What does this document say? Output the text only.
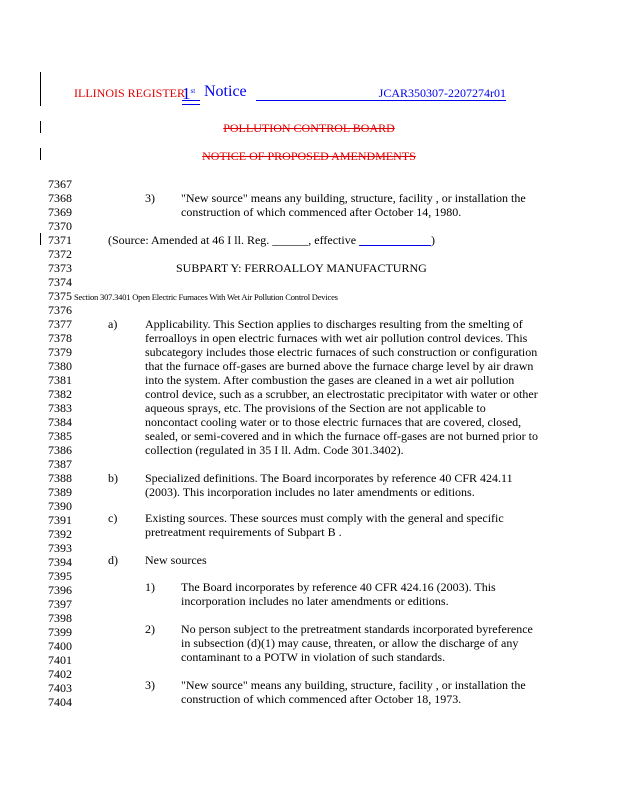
ILLINOIS REGISTER
1st Notice	JCAR350307-2207274r01
POLLUTION CONTROL BOARD
NOTICE OF PROPOSED AMENDMENTS
7367
7368
7369
7370
7371
7372
7373
7374
7375
7376
7377
7378
7379
7380
7381
7382
7383
7384
7385
7386
7387
7388
7389
7390
7391
7392
7393
7394
7395
7396
7397
7398
7399
7400
7401
7402
7403
7404
3) "New source" means any building, structure, facility , or installation the
construction of which commenced after October 14, 1980.
(Source: Amended at 46 I ll. Reg. ______, effective ____________)
SUBPART Y: FERROALLOY MANUFACTURNG
Section 307.3401 Open Electric Furnaces With Wet Air Pollution Control Devices
a) Applicability. This Section applies to discharges resulting from the smelting of
ferroalloys in open electric furnaces with wet air pollution control devices. This
subcategory includes those electric furnaces of such construction or configuration
that the furnace off-gases are burned above the furnace charge level by air drawn
into the system. After combustion the gases are cleaned in a wet air pollution
control device, such as a scrubber, an electrostatic precipitator with water or other
aqueous sprays, etc. The provisions of the Section are not applicable to
noncontact cooling water or to those electric furnaces that are covered, closed,
sealed, or semi-covered and in which the furnace off-gases are not burned prior to
collection (regulated in 35 I ll. Adm. Code 301.3402).
b) Specialized definitions. The Board incorporates by reference 40 CFR 424.11
(2003). This incorporation includes no later amendments or editions.
c) Existing sources. These sources must comply with the general and specific
pretreatment requirements of Subpart B .
d) New sources
1) The Board incorporates by reference 40 CFR 424.16 (2003). This
incorporation includes no later amendments or editions.
2) No person subject to the pretreatment standards incorporated byreference
in subsection (d)(1) may cause, threaten, or allow the discharge of any
contaminant to a POTW in violation of such standards.
3) "New source" means any building, structure, facility , or installation the
construction of which commenced after October 18, 1973.
